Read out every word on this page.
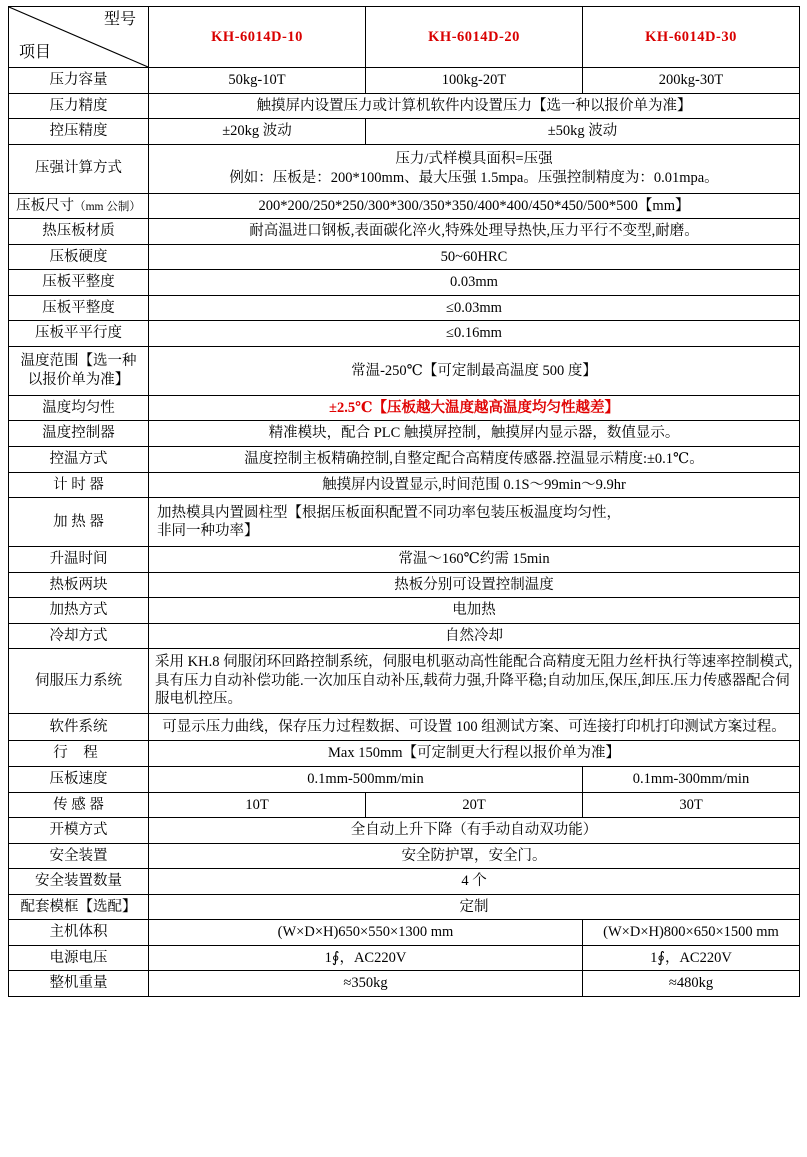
项目
型号	KH-6014D-10	KH-6014D-20	KH-6014D-30
压力容量	50kg-10T	100kg-20T	200kg-30T
压力精度	触摸屏内设置压力或计算机软件内设置压力【选一种以报价单为准】		
控压精度	±20kg 波动	±50kg 波动	
压强计算方式	压力/式样模具面积=压强
例如：压板是：200*100mm、最大压强 1.5mpa。压强控制精度为：0.01mpa。		

压板尺寸（mm 公制）	200*200/250*250/300*300/350*350/400*400/450*450/500*500【mm】		
热压板材质	耐高温进口钢板,表面碳化淬火,特殊处理导热快,压力平行不变型,耐磨。		
压板硬度	50~60HRC		
压板平整度	0.03mm		
压板平整度	≤0.03mm		
压板平平行度	≤0.16mm		

温度范围【选一种
以报价单为准】	常温-250℃【可定制最高温度 500 度】		
温度均匀性	±2.5℃【压板越大温度越高温度均匀性越差】		
温度控制器	精准模块，配合 PLC 触摸屏控制，触摸屏内显示器，数值显示。		
控温方式	温度控制主板精确控制,自整定配合高精度传感器.控温显示精度:±0.1℃。		
计 时 器	触摸屏内设置显示,时间范围 0.1S～99min～9.9hr		
加 热 器	加热模具内置圆柱型【根据压板面积配置不同功率包装压板温度均匀性，
非同一种功率】		

升温时间	常温～160℃约需 15min		
热板两块	热板分别可设置控制温度		
加热方式	电加热		
冷却方式	自然冷却		
伺服压力系统	采用 KH.8 伺服闭环回路控制系统，伺服电机驱动高性能配合高精度无阻力丝杆执行等速率控制模式,具有压力自动补偿功能.一次加压自动补压,载荷力强,升降平稳;自动加压,保压,卸压.压力传感器配合伺服电机控压。		
软件系统	可显示压力曲线，保存压力过程数据、可设置 100 组测试方案、可连接打印机打印测试方案过程。		
行 程	Max 150mm【可定制更大行程以报价单为准】		
压板速度	0.1mm-500mm/min		0.1mm-300mm/min
传 感 器	10T	20T	30T
开模方式	全自动上升下降（有手动自动双功能）		
安全装置	安全防护罩，安全门。		
安全装置数量	4 个		
配套模框【选配】	定制		
主机体积	(W×D×H)650×550×1300 mm		(W×D×H)800×650×1500 mm
电源电压	1∮，AC220V		1∮，AC220V
整机重量	≈350kg		≈480kg
